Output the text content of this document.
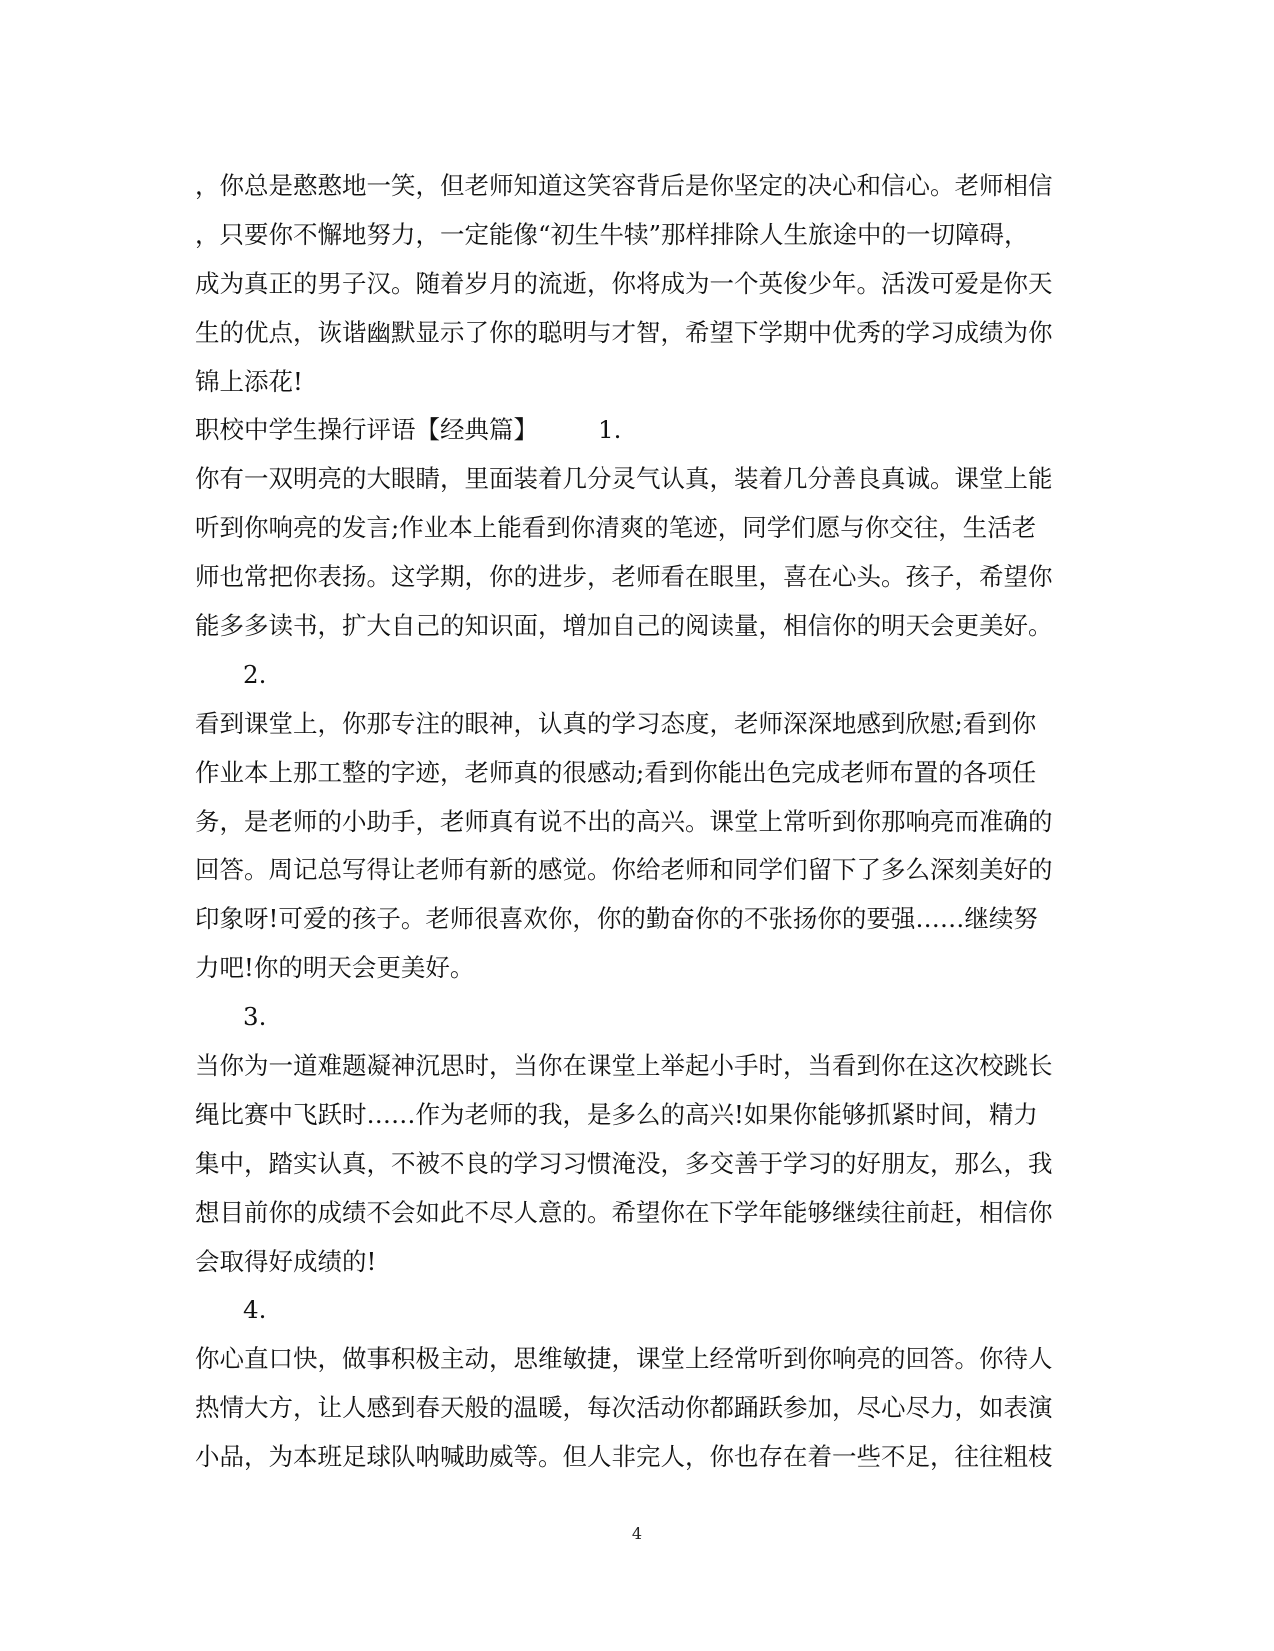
，你总是憨憨地一笑，但老师知道这笑容背后是你坚定的决心和信心。老师相信
，只要你不懈地努力，一定能像“初生牛犊”那样排除人生旅途中的一切障碍，
成为真正的男子汉。随着岁月的流逝，你将成为一个英俊少年。活泼可爱是你天
生的优点，诙谐幽默显示了你的聪明与才智，希望下学期中优秀的学习成绩为你
锦上添花!
职校中学生操行评语【经典篇】 1.
你有一双明亮的大眼睛，里面装着几分灵气认真，装着几分善良真诚。课堂上能
听到你响亮的发言;作业本上能看到你清爽的笔迹，同学们愿与你交往，生活老
师也常把你表扬。这学期，你的进步，老师看在眼里，喜在心头。孩子，希望你
能多多读书，扩大自己的知识面，增加自己的阅读量，相信你的明天会更美好。
2.
看到课堂上，你那专注的眼神，认真的学习态度，老师深深地感到欣慰;看到你
作业本上那工整的字迹，老师真的很感动;看到你能出色完成老师布置的各项任
务，是老师的小助手，老师真有说不出的高兴。课堂上常听到你那响亮而准确的
回答。周记总写得让老师有新的感觉。你给老师和同学们留下了多么深刻美好的
印象呀!可爱的孩子。老师很喜欢你，你的勤奋你的不张扬你的要强……继续努
力吧!你的明天会更美好。
3.
当你为一道难题凝神沉思时，当你在课堂上举起小手时，当看到你在这次校跳长
绳比赛中飞跃时……作为老师的我，是多么的高兴!如果你能够抓紧时间，精力
集中，踏实认真，不被不良的学习习惯淹没，多交善于学习的好朋友，那么，我
想目前你的成绩不会如此不尽人意的。希望你在下学年能够继续往前赶，相信你
会取得好成绩的!
4.
你心直口快，做事积极主动，思维敏捷，课堂上经常听到你响亮的回答。你待人
热情大方，让人感到春天般的温暖，每次活动你都踊跃参加，尽心尽力，如表演
小品，为本班足球队呐喊助威等。但人非完人，你也存在着一些不足，往往粗枝
4
